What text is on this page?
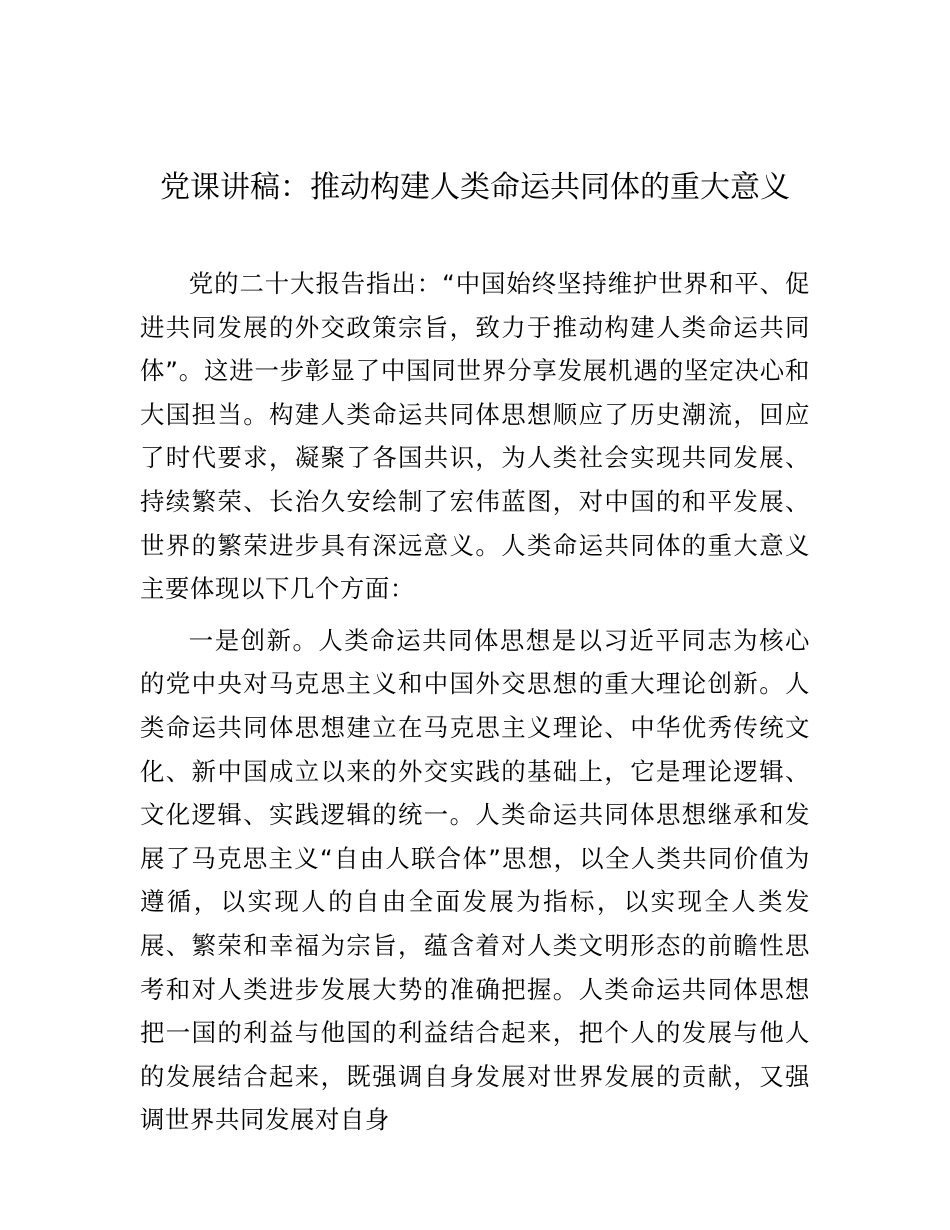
党课讲稿：推动构建人类命运共同体的重大意义

党的二十大报告指出：“中国始终坚持维护世界和平、促进共同发展的外交政策宗旨，致力于推动构建人类命运共同体”。这进一步彰显了中国同世界分享发展机遇的坚定决心和大国担当。构建人类命运共同体思想顺应了历史潮流，回应了时代要求，凝聚了各国共识，为人类社会实现共同发展、持续繁荣、长治久安绘制了宏伟蓝图，对中国的和平发展、世界的繁荣进步具有深远意义。人类命运共同体的重大意义主要体现以下几个方面：

一是创新。人类命运共同体思想是以习近平同志为核心的党中央对马克思主义和中国外交思想的重大理论创新。人类命运共同体思想建立在马克思主义理论、中华优秀传统文化、新中国成立以来的外交实践的基础上，它是理论逻辑、文化逻辑、实践逻辑的统一。人类命运共同体思想继承和发展了马克思主义“自由人联合体”思想，以全人类共同价值为遵循，以实现人的自由全面发展为指标，以实现全人类发展、繁荣和幸福为宗旨，蕴含着对人类文明形态的前瞻性思考和对人类进步发展大势的准确把握。人类命运共同体思想把一国的利益与他国的利益结合起来，把个人的发展与他人的发展结合起来，既强调自身发展对世界发展的贡献，又强调世界共同发展对自身
